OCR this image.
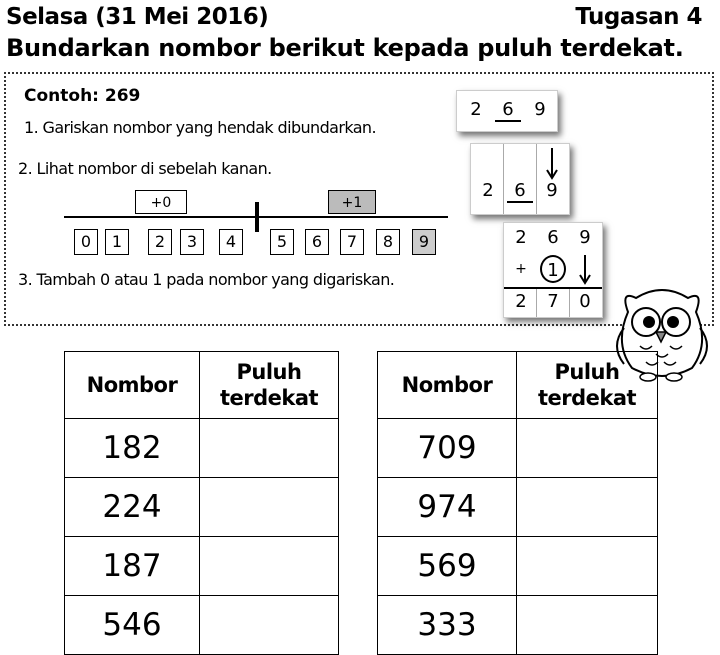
Selasa (31 Mei 2016)	Tugasan 4
Bundarkan nombor berikut kepada puluh terdekat.
Contoh: 269
1. Gariskan nombor yang hendak dibundarkan.
2. Lihat nombor di sebelah kanan.
3. Tambah 0 atau 1 pada nombor yang digariskan.
+0	+1
0	1	2	3	4	5	6	7	8	9
2	6	9
2	6	9
2	6	9
+	1
2	7	0
Nombor	Puluh terdekat
182	
224	
187	
546	
Nombor	Puluh terdekat
709	
974	
569	
333	
